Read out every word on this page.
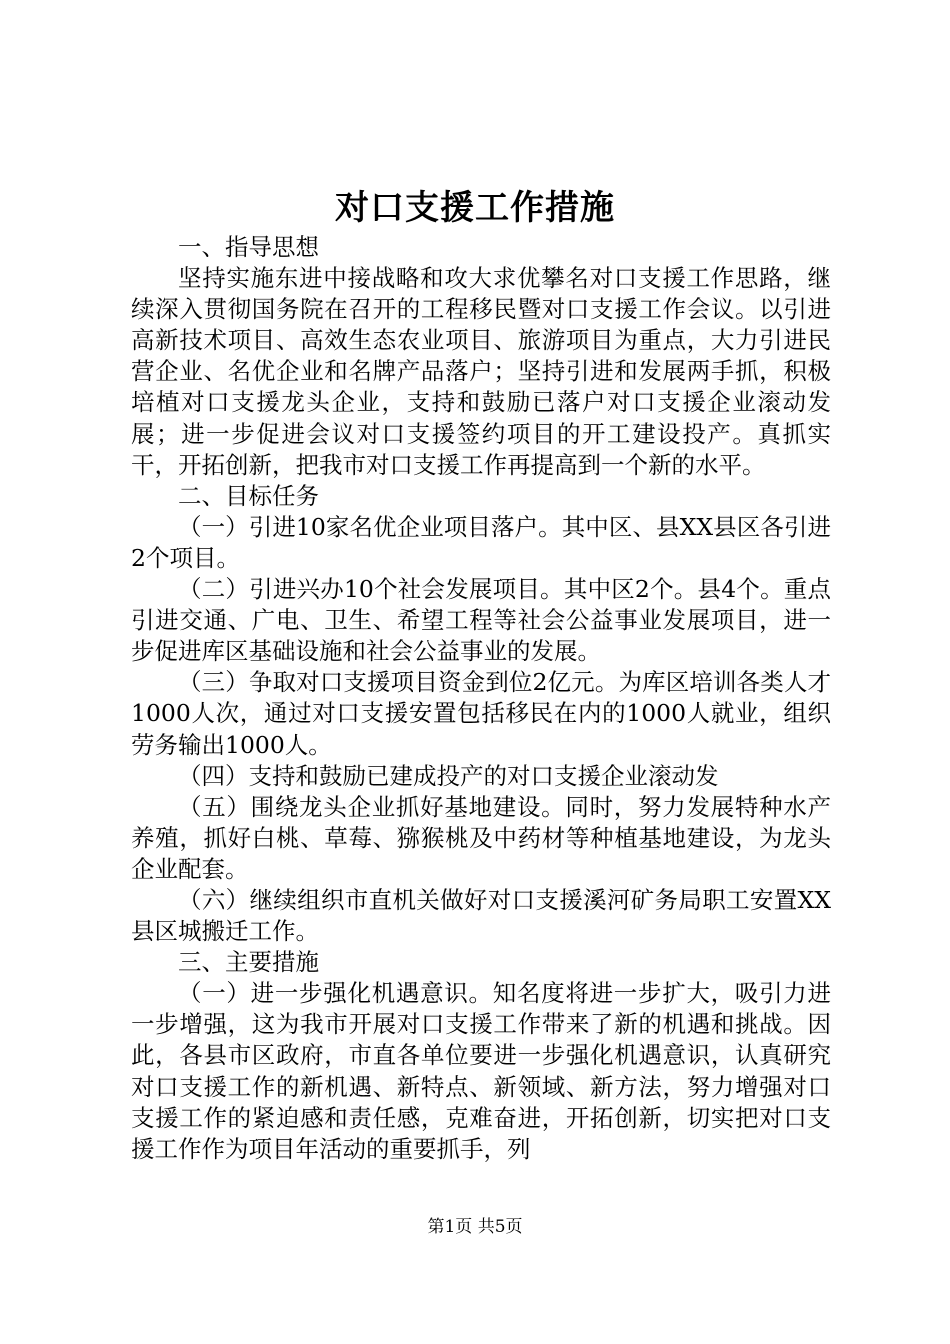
对口支援工作措施

一、指导思想

坚持实施东进中接战略和攻大求优攀名对口支援工作思路，继续深入贯彻国务院在召开的工程移民暨对口支援工作会议。以引进高新技术项目、高效生态农业项目、旅游项目为重点，大力引进民营企业、名优企业和名牌产品落户；坚持引进和发展两手抓，积极培植对口支援龙头企业，支持和鼓励已落户对口支援企业滚动发展；进一步促进会议对口支援签约项目的开工建设投产。真抓实干，开拓创新，把我市对口支援工作再提高到一个新的水平。

二、目标任务

（一）引进10家名优企业项目落户。其中区、县XX县区各引进2个项目。

（二）引进兴办10个社会发展项目。其中区2个。县4个。重点引进交通、广电、卫生、希望工程等社会公益事业发展项目，进一步促进库区基础设施和社会公益事业的发展。

（三）争取对口支援项目资金到位2亿元。为库区培训各类人才1000人次，通过对口支援安置包括移民在内的1000人就业，组织劳务输出1000人。

（四）支持和鼓励已建成投产的对口支援企业滚动发

（五）围绕龙头企业抓好基地建设。同时，努力发展特种水产养殖，抓好白桃、草莓、猕猴桃及中药材等种植基地建设，为龙头企业配套。

（六）继续组织市直机关做好对口支援溪河矿务局职工安置XX县区城搬迁工作。

三、主要措施

（一）进一步强化机遇意识。知名度将进一步扩大，吸引力进一步增强，这为我市开展对口支援工作带来了新的机遇和挑战。因此，各县市区政府，市直各单位要进一步强化机遇意识，认真研究对口支援工作的新机遇、新特点、新领域、新方法，努力增强对口支援工作的紧迫感和责任感，克难奋进，开拓创新，切实把对口支援工作作为项目年活动的重要抓手，列

第1页 共5页
